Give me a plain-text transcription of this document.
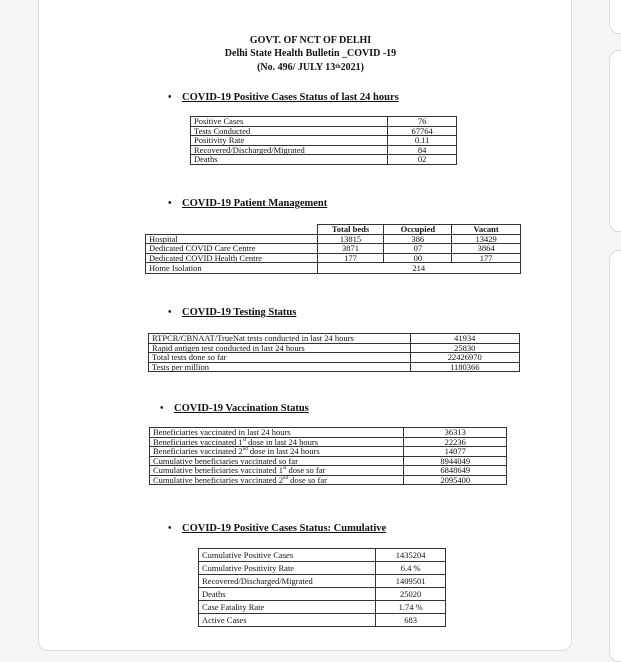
GOVT. OF NCT OF DELHI
Delhi State Health Bulletin _COVID -19
(No. 496/ JULY 13th2021)
• COVID-19 Positive Cases Status of last 24 hours
Positive Cases	76
Tests Conducted	67764
Positivity Rate	0.11
Recovered/Discharged/Migrated	84
Deaths	02
• COVID-19 Patient Management
	Total beds	Occupied	Vacant
Hospital	13815	386	13429
Dedicated COVID Care Centre	3871	07	3864
Dedicated COVID Health Centre	177	00	177
Home Isolation	214		
• COVID-19 Testing Status
RTPCR/CBNAAT/TrueNat tests conducted in last 24 hours	41934
Rapid antigen test conducted in last 24 hours	25830
Total tests done so far	22426970
Tests per million	1180366
• COVID-19 Vaccination Status
Beneficiaries vaccinated in last 24 hours	36313
Beneficiaries vaccinated 1st dose in last 24 hours	22236
Beneficiaries vaccinated 2nd dose in last 24 hours	14077
Cumulative beneficiaries vaccinated so far	8944049
Cumulative beneficiaries vaccinated 1st dose so far	6848649
Cumulative beneficiaries vaccinated 2nd dose so far	2095400
• COVID-19 Positive Cases Status: Cumulative
Cumulative Positive Cases	1435204
Cumulative Positivity Rate	6.4 %
Recovered/Discharged/Migrated	1409501
Deaths	25020
Case Fatality Rate	1.74 %
Active Cases	683
